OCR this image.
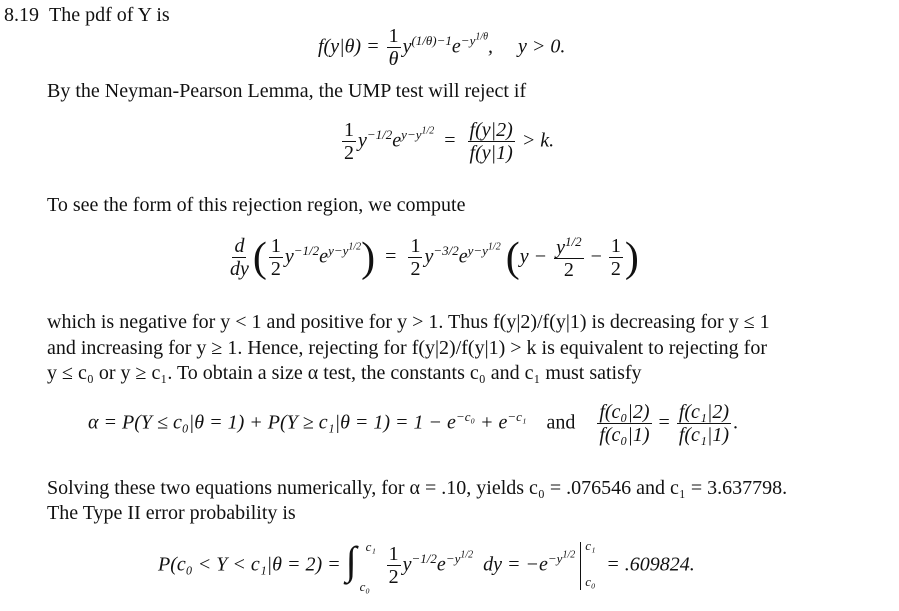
8.19 The pdf of Y is
$f(y|\theta) = \frac{1}{\theta} y^{(1/\theta)-1}e^{-y^{1/\theta}}$,     y > 0.
By the Neyman-Pearson Lemma, the UMP test will reject if
$\frac{1}{2} y^{-1/2}e^{y-y^{1/2}} = \frac{f(y|2)}{f(y|1)} > k$.
To see the form of this rejection region, we compute
$\frac{d}{dy}$ ( $\frac{1}{2} y^{-1/2}e^{y-y^{1/2}}) = \frac{1}{2} y^{-3/2}e^{y-y^{1/2}}$ ($y - \frac{y^{1/2}}{2} - \frac{1}{2}$ )
which is negative for y < 1 and positive for y > 1. Thus f(y|2)/f(y|1) is decreasing for y ≤ 1
and increasing for y ≥ 1. Hence, rejecting for f(y|2)/f(y|1) > k is equivalent to rejecting for
y ≤ c₀ or y ≥ c₁. To obtain a size α test, the constants c₀ and c₁ must satisfy
$\alpha = P(Y \le c_0|\theta = 1) + P(Y \ge c_1|\theta = 1) = 1 - e^{-c_0} + e^{-c_1}$ and $\frac{\text{f(c₀|2)}}{\text{f(c₀|1)}} = \frac{\text{f(c₁|2)}}{\text{f(c₁|1)}}$ .
Solving these two equations numerically, for α = .10, yields c₀ = .076546 and c₁ = 3.637798.
The Type II error probability is
P(c₀ < Y < c₁|θ = 2) = ∫ c₁
c₀
$\frac{1}{2} y^{-1/2}e^{-y^{1/2}}$ dy = $-e^{-y^{1/2}}$
c₁
c₀
= .609824.
